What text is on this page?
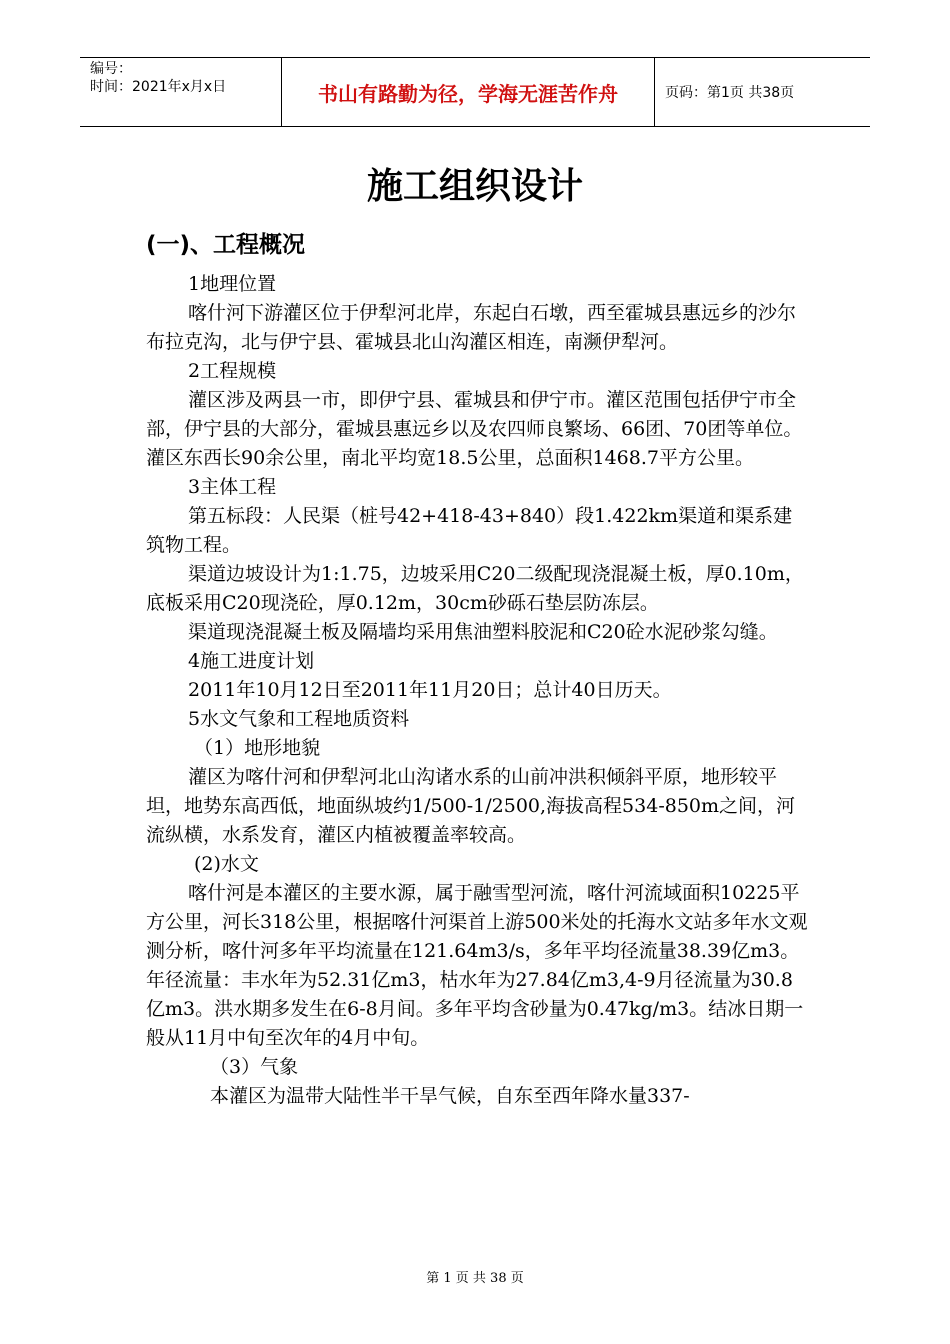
编号：
时间：2021年x月x日	书山有路勤为径，学海无涯苦作舟	页码：第1页 共38页
施工组织设计
(一)、工程概况

1地理位置

喀什河下游灌区位于伊犁河北岸，东起白石墩，西至霍城县惠远乡的沙尔布拉克沟，北与伊宁县、霍城县北山沟灌区相连，南濒伊犁河。

2工程规模

灌区涉及两县一市，即伊宁县、霍城县和伊宁市。灌区范围包括伊宁市全部，伊宁县的大部分，霍城县惠远乡以及农四师良繁场、66团、70团等单位。灌区东西长90余公里，南北平均宽18.5公里，总面积1468.7平方公里。

3主体工程

第五标段：人民渠（桩号42+418-43+840）段1.422km渠道和渠系建筑物工程。

渠道边坡设计为1:1.75，边坡采用C20二级配现浇混凝土板，厚0.10m，底板采用C20现浇砼，厚0.12m，30cm砂砾石垫层防冻层。

渠道现浇混凝土板及隔墙均采用焦油塑料胶泥和C20砼水泥砂浆勾缝。

4施工进度计划

2011年10月12日至2011年11月20日；总计40日历天。

5水文气象和工程地质资料

（1）地形地貌

灌区为喀什河和伊犁河北山沟诸水系的山前冲洪积倾斜平原，地形较平坦，地势东高西低，地面纵坡约1/500-1/2500,海拔高程534-850m之间，河流纵横，水系发育，灌区内植被覆盖率较高。

(2)水文

喀什河是本灌区的主要水源，属于融雪型河流，喀什河流域面积10225平方公里，河长318公里，根据喀什河渠首上游500米处的托海水文站多年水文观测分析，喀什河多年平均流量在121.64m3/s，多年平均径流量38.39亿m3。年径流量：丰水年为52.31亿m3，枯水年为27.84亿m3,4-9月径流量为30.8亿m3。洪水期多发生在6-8月间。多年平均含砂量为0.47kg/m3。结冰日期一般从11月中旬至次年的4月中旬。

（3）气象

本灌区为温带大陆性半干旱气候，自东至西年降水量337-

第 1 页 共 38 页
